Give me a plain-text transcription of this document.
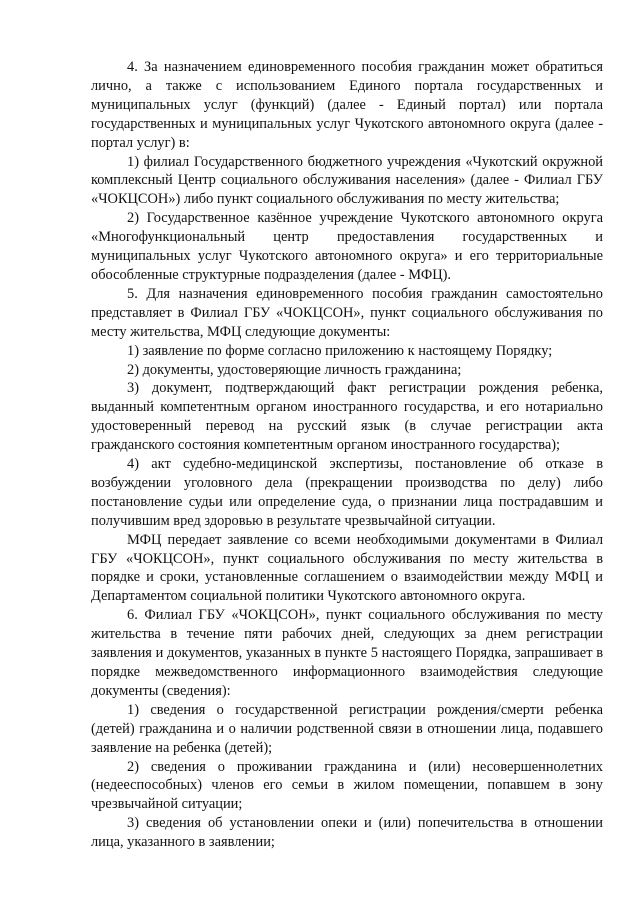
4. За назначением единовременного пособия гражданин может обратиться лично, а также с использованием Единого портала государственных и муниципальных услуг (функций) (далее - Единый портал) или портала государственных и муниципальных услуг Чукотского автономного округа (далее - портал услуг) в:

1) филиал Государственного бюджетного учреждения «Чукотский окружной комплексный Центр социального обслуживания населения» (далее - Филиал ГБУ «ЧОКЦСОН») либо пункт социального обслуживания по месту жительства;

2) Государственное казённое учреждение Чукотского автономного округа «Многофункциональный центр предоставления государственных и муниципальных услуг Чукотского автономного округа» и его территориальные обособленные структурные подразделения (далее - МФЦ).

5. Для назначения единовременного пособия гражданин самостоятельно представляет в Филиал ГБУ «ЧОКЦСОН», пункт социального обслуживания по месту жительства, МФЦ следующие документы:

1) заявление по форме согласно приложению к настоящему Порядку;

2) документы, удостоверяющие личность гражданина;

3) документ, подтверждающий факт регистрации рождения ребенка, выданный компетентным органом иностранного государства, и его нотариально удостоверенный перевод на русский язык (в случае регистрации акта гражданского состояния компетентным органом иностранного государства);

4) акт судебно-медицинской экспертизы, постановление об отказе в возбуждении уголовного дела (прекращении производства по делу) либо постановление судьи или определение суда, о признании лица пострадавшим и получившим вред здоровью в результате чрезвычайной ситуации.

МФЦ передает заявление со всеми необходимыми документами в Филиал ГБУ «ЧОКЦСОН», пункт социального обслуживания по месту жительства в порядке и сроки, установленные соглашением о взаимодействии между МФЦ и Департаментом социальной политики Чукотского автономного округа.

6. Филиал ГБУ «ЧОКЦСОН», пункт социального обслуживания по месту жительства в течение пяти рабочих дней, следующих за днем регистрации заявления и документов, указанных в пункте 5 настоящего Порядка, запрашивает в порядке межведомственного информационного взаимодействия следующие документы (сведения):

1) сведения о государственной регистрации рождения/смерти ребенка (детей) гражданина и о наличии родственной связи в отношении лица, подавшего заявление на ребенка (детей);

2) сведения о проживании гражданина и (или) несовершеннолетних (недееспособных) членов его семьи в жилом помещении, попавшем в зону чрезвычайной ситуации;

3) сведения об установлении опеки и (или) попечительства в отношении лица, указанного в заявлении;
